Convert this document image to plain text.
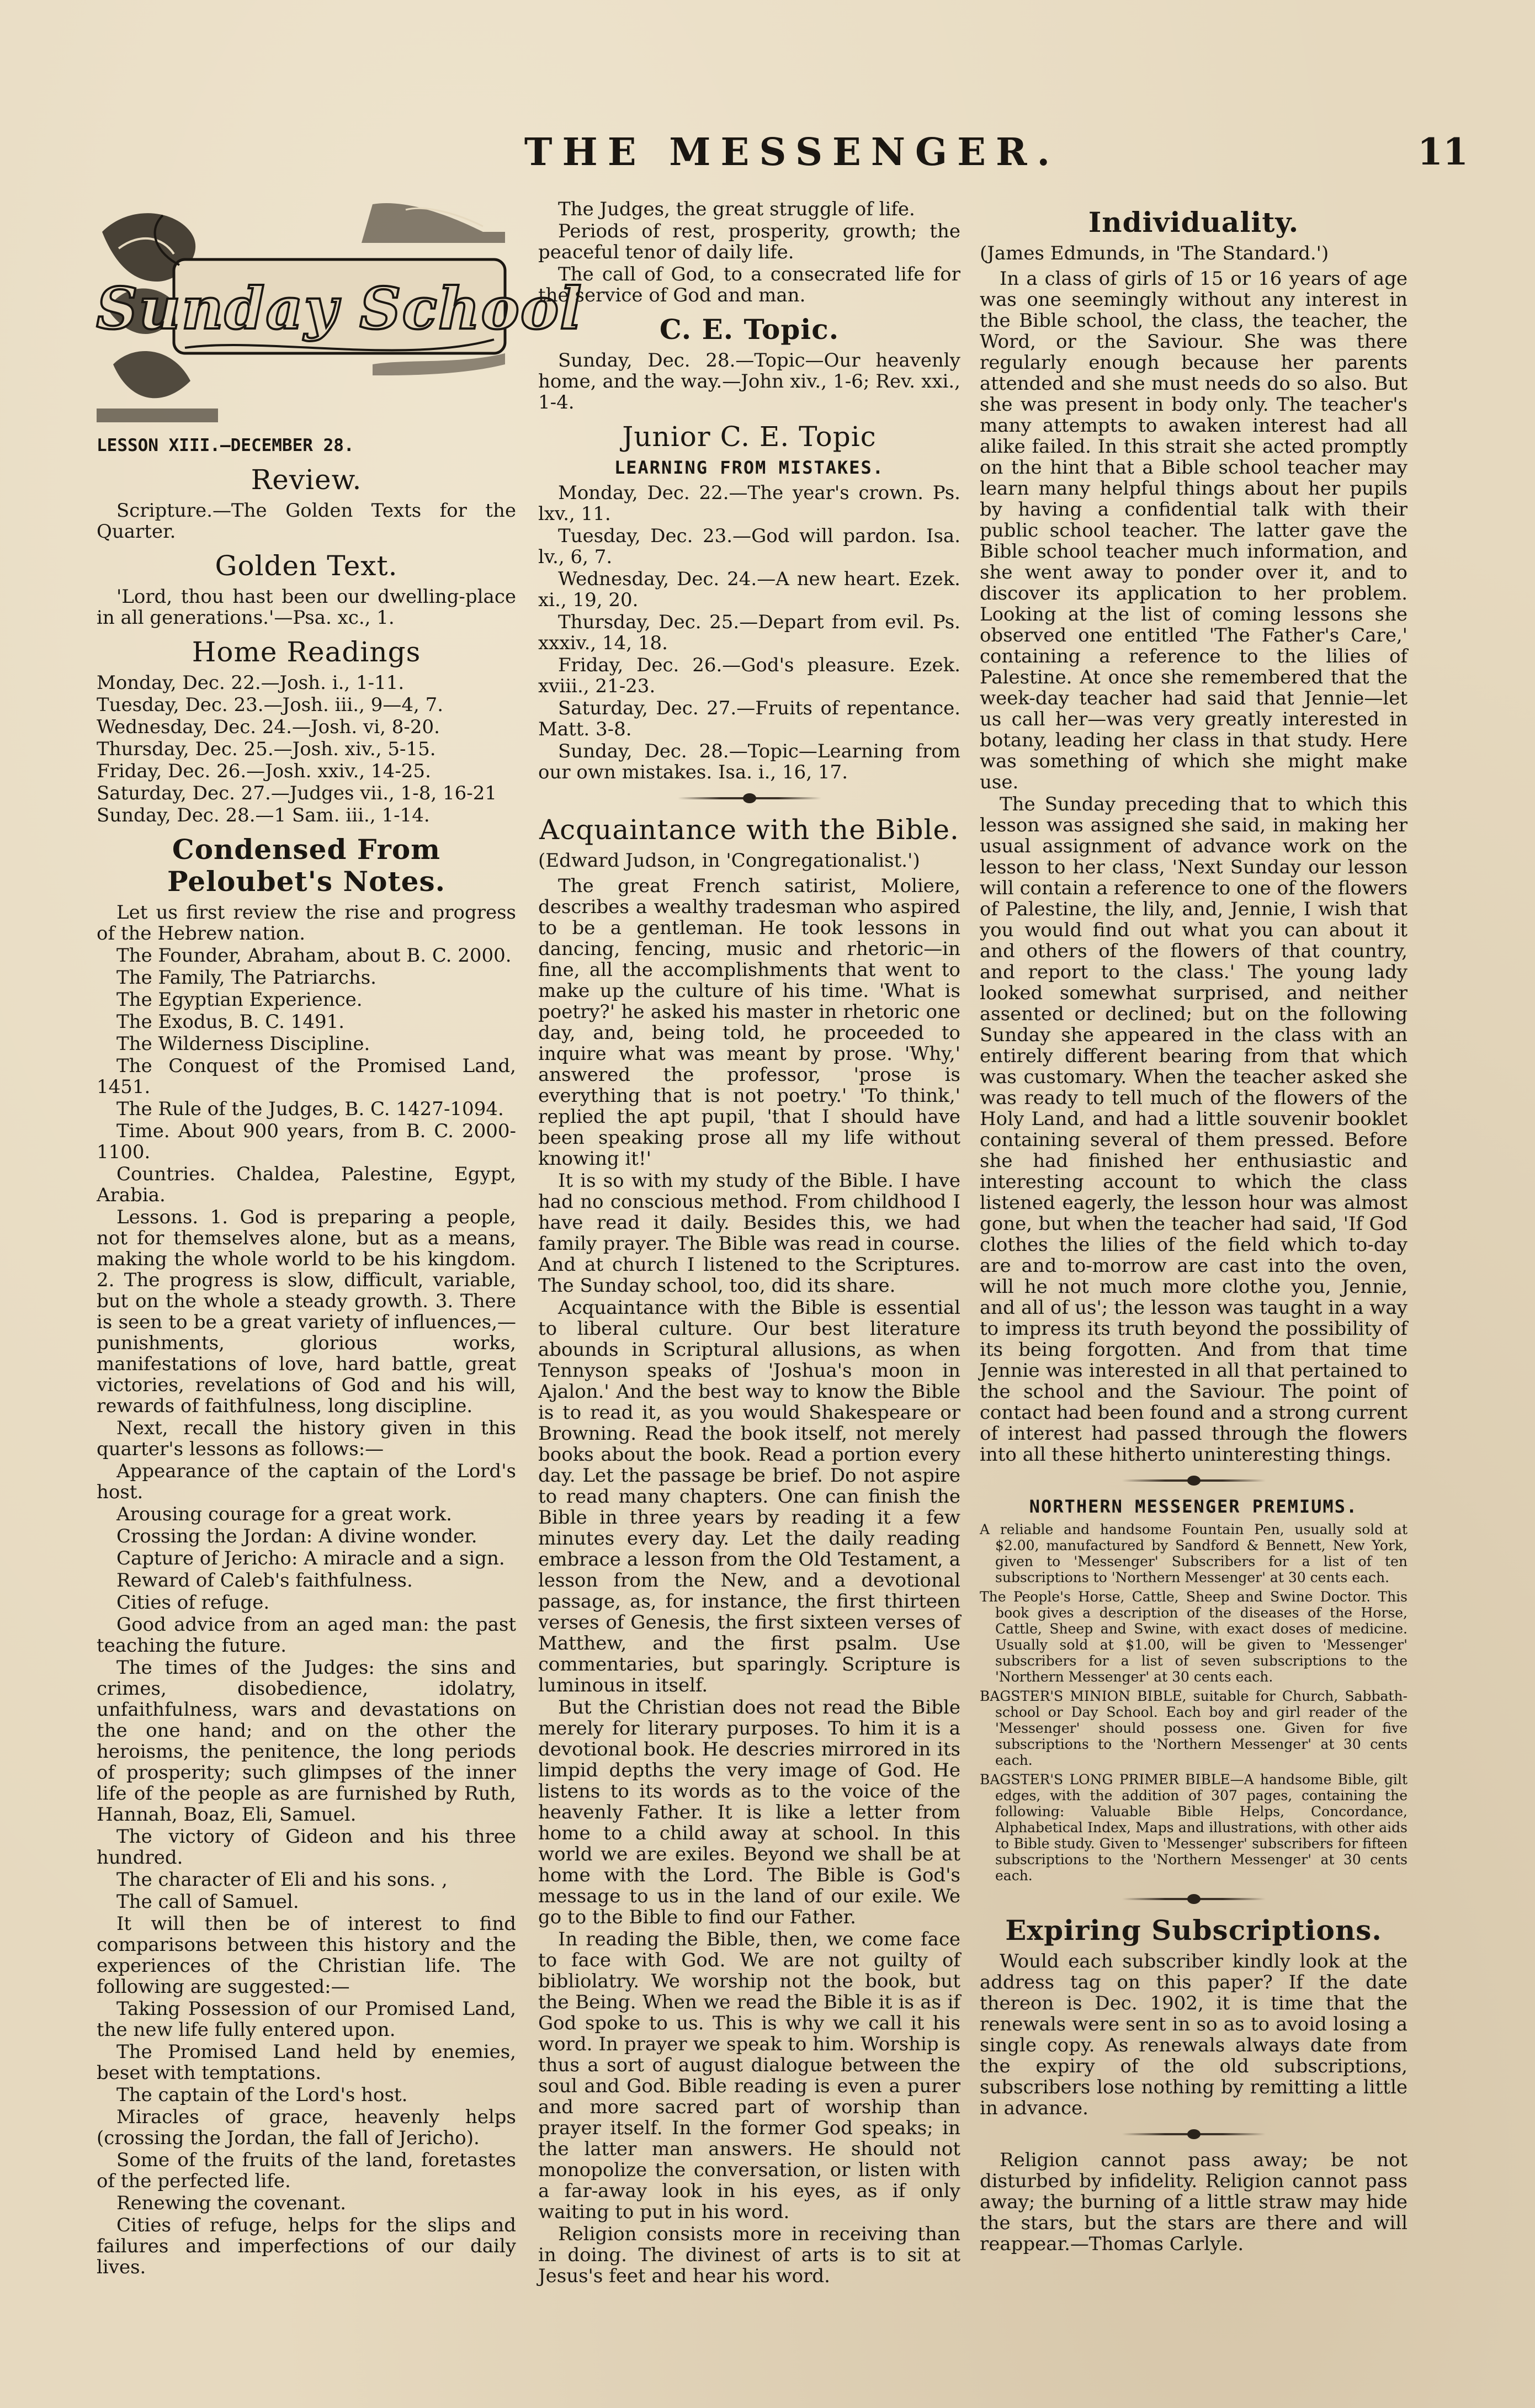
THE MESSENGER.	11
Sunday School

LESSON XIII.—DECEMBER 28.

Review.

Scripture.—The Golden Texts for the Quarter.

Golden Text.

'Lord, thou hast been our dwelling-place in all generations.'—Psa. xc., 1.

Home Readings

Monday, Dec. 22.—Josh. i., 1-11.

Tuesday, Dec. 23.—Josh. iii., 9—4, 7.

Wednesday, Dec. 24.—Josh. vi, 8-20.

Thursday, Dec. 25.—Josh. xiv., 5-15.

Friday, Dec. 26.—Josh. xxiv., 14-25.

Saturday, Dec. 27.—Judges vii., 1-8, 16-21

Sunday, Dec. 28.—1 Sam. iii., 1-14.

Condensed From Peloubet's Notes.

Let us first review the rise and progress of the Hebrew nation.

The Founder, Abraham, about B. C. 2000.

The Family, The Patriarchs.

The Egyptian Experience.

The Exodus, B. C. 1491.

The Wilderness Discipline.

The Conquest of the Promised Land, 1451.

The Rule of the Judges, B. C. 1427-1094.

Time. About 900 years, from B. C. 2000-1100.

Countries. Chaldea, Palestine, Egypt, Arabia.

Lessons. 1. God is preparing a people, not for themselves alone, but as a means, making the whole world to be his kingdom. 2. The progress is slow, difficult, variable, but on the whole a steady growth. 3. There is seen to be a great variety of influences,—punishments, glorious works, manifestations of love, hard battle, great victories, revelations of God and his will, rewards of faithfulness, long discipline.

Next, recall the history given in this quarter's lessons as follows:—

Appearance of the captain of the Lord's host.

Arousing courage for a great work.

Crossing the Jordan: A divine wonder.

Capture of Jericho: A miracle and a sign.

Reward of Caleb's faithfulness.

Cities of refuge.

Good advice from an aged man: the past teaching the future.

The times of the Judges: the sins and crimes, disobedience, idolatry, unfaithfulness, wars and devastations on the one hand; and on the other the heroisms, the penitence, the long periods of prosperity; such glimpses of the inner life of the people as are furnished by Ruth, Hannah, Boaz, Eli, Samuel.

The victory of Gideon and his three hundred.

The character of Eli and his sons. ,

The call of Samuel.

It will then be of interest to find comparisons between this history and the experiences of the Christian life. The following are suggested:—

Taking Possession of our Promised Land, the new life fully entered upon.

The Promised Land held by enemies, beset with temptations.

The captain of the Lord's host.

Miracles of grace, heavenly helps (crossing the Jordan, the fall of Jericho).

Some of the fruits of the land, foretastes of the perfected life.

Renewing the covenant.

Cities of refuge, helps for the slips and failures and imperfections of our daily lives.

The Judges, the great struggle of life.

Periods of rest, prosperity, growth; the peaceful tenor of daily life.

The call of God, to a consecrated life for the service of God and man.

C. E. Topic.

Sunday, Dec. 28.—Topic—Our heavenly home, and the way.—John xiv., 1-6; Rev. xxi., 1-4.

Junior C. E. Topic
LEARNING FROM MISTAKES.

Monday, Dec. 22.—The year's crown. Ps. lxv., 11.

Tuesday, Dec. 23.—God will pardon. Isa. lv., 6, 7.

Wednesday, Dec. 24.—A new heart. Ezek. xi., 19, 20.

Thursday, Dec. 25.—Depart from evil. Ps. xxxiv., 14, 18.

Friday, Dec. 26.—God's pleasure. Ezek. xviii., 21-23.

Saturday, Dec. 27.—Fruits of repentance. Matt. 3-8.

Sunday, Dec. 28.—Topic—Learning from our own mistakes. Isa. i., 16, 17.

Acquaintance with the Bible.

(Edward Judson, in 'Congregationalist.')

The great French satirist, Moliere, describes a wealthy tradesman who aspired to be a gentleman. He took lessons in dancing, fencing, music and rhetoric—in fine, all the accomplishments that went to make up the culture of his time. 'What is poetry?' he asked his master in rhetoric one day, and, being told, he proceeded to inquire what was meant by prose. 'Why,' answered the professor, 'prose is everything that is not poetry.' 'To think,' replied the apt pupil, 'that I should have been speaking prose all my life without knowing it!'

It is so with my study of the Bible. I have had no conscious method. From childhood I have read it daily. Besides this, we had family prayer. The Bible was read in course. And at church I listened to the Scriptures. The Sunday school, too, did its share.

Acquaintance with the Bible is essential to liberal culture. Our best literature abounds in Scriptural allusions, as when Tennyson speaks of 'Joshua's moon in Ajalon.' And the best way to know the Bible is to read it, as you would Shakespeare or Browning. Read the book itself, not merely books about the book. Read a portion every day. Let the passage be brief. Do not aspire to read many chapters. One can finish the Bible in three years by reading it a few minutes every day. Let the daily reading embrace a lesson from the Old Testament, a lesson from the New, and a devotional passage, as, for instance, the first thirteen verses of Genesis, the first sixteen verses of Matthew, and the first psalm. Use commentaries, but sparingly. Scripture is luminous in itself.

But the Christian does not read the Bible merely for literary purposes. To him it is a devotional book. He descries mirrored in its limpid depths the very image of God. He listens to its words as to the voice of the heavenly Father. It is like a letter from home to a child away at school. In this world we are exiles. Beyond we shall be at home with the Lord. The Bible is God's message to us in the land of our exile. We go to the Bible to find our Father.

In reading the Bible, then, we come face to face with God. We are not guilty of bibliolatry. We worship not the book, but the Being. When we read the Bible it is as if God spoke to us. This is why we call it his word. In prayer we speak to him. Worship is thus a sort of august dialogue between the soul and God. Bible reading is even a purer and more sacred part of worship than prayer itself. In the former God speaks; in the latter man answers. He should not monopolize the conversation, or listen with a far-away look in his eyes, as if only waiting to put in his word.

Religion consists more in receiving than in doing. The divinest of arts is to sit at Jesus's feet and hear his word.

Individuality.

(James Edmunds, in 'The Standard.')

In a class of girls of 15 or 16 years of age was one seemingly without any interest in the Bible school, the class, the teacher, the Word, or the Saviour. She was there regularly enough because her parents attended and she must needs do so also. But she was present in body only. The teacher's many attempts to awaken interest had all alike failed. In this strait she acted promptly on the hint that a Bible school teacher may learn many helpful things about her pupils by having a confidential talk with their public school teacher. The latter gave the Bible school teacher much information, and she went away to ponder over it, and to discover its application to her problem. Looking at the list of coming lessons she observed one entitled 'The Father's Care,' containing a reference to the lilies of Palestine. At once she remembered that the week-day teacher had said that Jennie—let us call her—was very greatly interested in botany, leading her class in that study. Here was something of which she might make use.

The Sunday preceding that to which this lesson was assigned she said, in making her usual assignment of advance work on the lesson to her class, 'Next Sunday our lesson will contain a reference to one of the flowers of Palestine, the lily, and, Jennie, I wish that you would find out what you can about it and others of the flowers of that country, and report to the class.' The young lady looked somewhat surprised, and neither assented or declined; but on the following Sunday she appeared in the class with an entirely different bearing from that which was customary. When the teacher asked she was ready to tell much of the flowers of the Holy Land, and had a little souvenir booklet containing several of them pressed. Before she had finished her enthusiastic and interesting account to which the class listened eagerly, the lesson hour was almost gone, but when the teacher had said, 'If God clothes the lilies of the field which to-day are and to-morrow are cast into the oven, will he not much more clothe you, Jennie, and all of us'; the lesson was taught in a way to impress its truth beyond the possibility of its being forgotten. And from that time Jennie was interested in all that pertained to the school and the Saviour. The point of contact had been found and a strong current of interest had passed through the flowers into all these hitherto uninteresting things.

NORTHERN MESSENGER PREMIUMS.

A reliable and handsome Fountain Pen, usually sold at $2.00, manufactured by Sandford & Bennett, New York, given to 'Messenger' Subscribers for a list of ten subscriptions to 'Northern Messenger' at 30 cents each.

The People's Horse, Cattle, Sheep and Swine Doctor. This book gives a description of the diseases of the Horse, Cattle, Sheep and Swine, with exact doses of medicine. Usually sold at $1.00, will be given to 'Messenger' subscribers for a list of seven subscriptions to the 'Northern Messenger' at 30 cents each.

BAGSTER'S MINION BIBLE, suitable for Church, Sabbath-school or Day School. Each boy and girl reader of the 'Messenger' should possess one. Given for five subscriptions to the 'Northern Messenger' at 30 cents each.

BAGSTER'S LONG PRIMER BIBLE—A handsome Bible, gilt edges, with the addition of 307 pages, containing the following: Valuable Bible Helps, Concordance, Alphabetical Index, Maps and illustrations, with other aids to Bible study. Given to 'Messenger' subscribers for fifteen subscriptions to the 'Northern Messenger' at 30 cents each.

Expiring Subscriptions.

Would each subscriber kindly look at the address tag on this paper? If the date thereon is Dec. 1902, it is time that the renewals were sent in so as to avoid losing a single copy. As renewals always date from the expiry of the old subscriptions, subscribers lose nothing by remitting a little in advance.

Religion cannot pass away; be not disturbed by infidelity. Religion cannot pass away; the burning of a little straw may hide the stars, but the stars are there and will reappear.—Thomas Carlyle.
